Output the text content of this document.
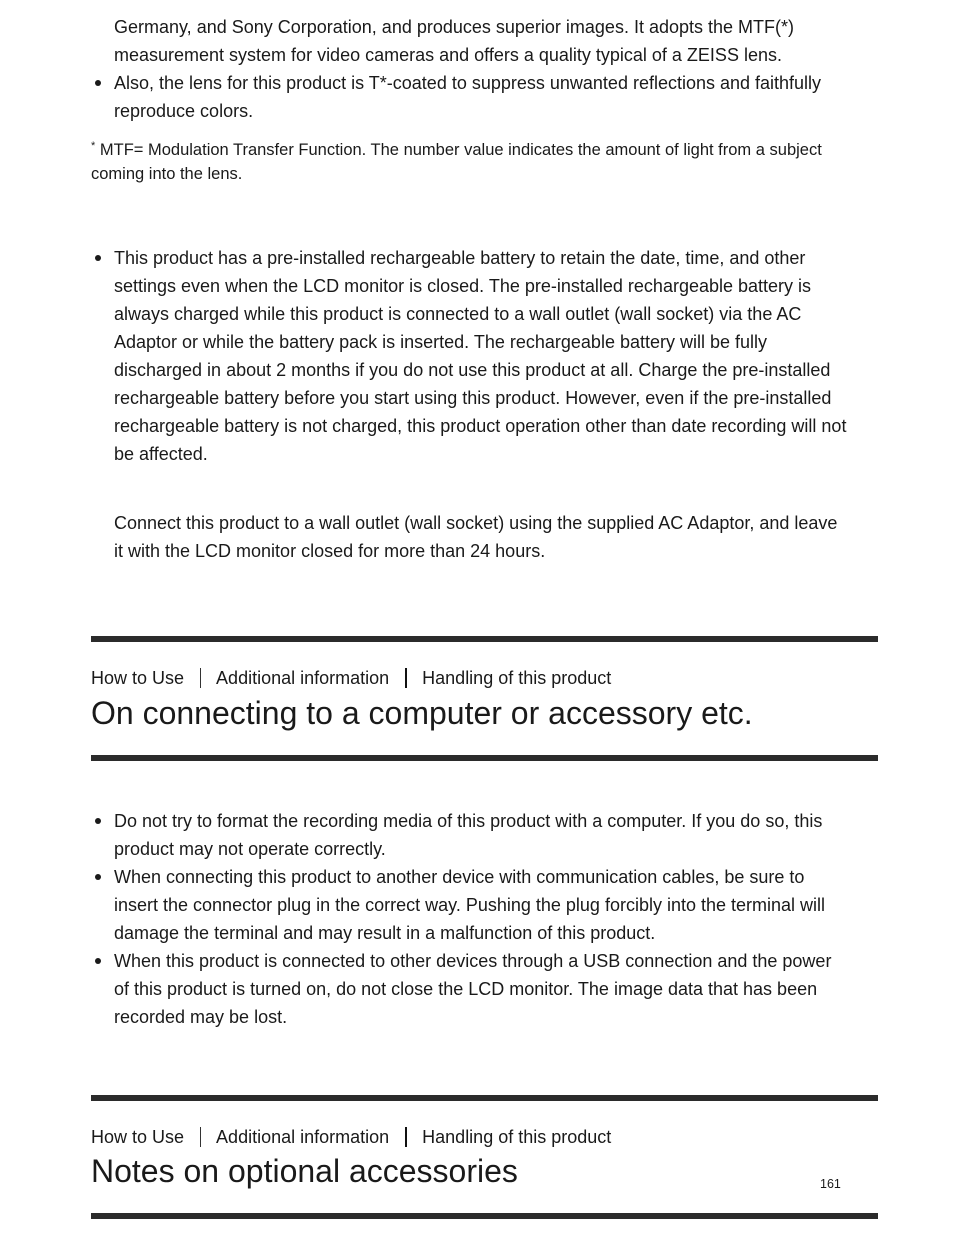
Germany, and Sony Corporation, and produces superior images. It adopts the MTF(*)
measurement system for video cameras and offers a quality typical of a ZEISS lens.
Also, the lens for this product is T*-coated to suppress unwanted reflections and faithfully
reproduce colors.
* MTF= Modulation Transfer Function. The number value indicates the amount of light from a subject
coming into the lens.
This product has a pre-installed rechargeable battery to retain the date, time, and other
settings even when the LCD monitor is closed. The pre-installed rechargeable battery is
always charged while this product is connected to a wall outlet (wall socket) via the AC
Adaptor or while the battery pack is inserted. The rechargeable battery will be fully
discharged in about 2 months if you do not use this product at all. Charge the pre-installed
rechargeable battery before you start using this product. However, even if the pre-installed
rechargeable battery is not charged, this product operation other than date recording will not
be affected.
Connect this product to a wall outlet (wall socket) using the supplied AC Adaptor, and leave
it with the LCD monitor closed for more than 24 hours.
How to Use Additional information Handling of this product
On connecting to a computer or accessory etc.
Do not try to format the recording media of this product with a computer. If you do so, this
product may not operate correctly.
When connecting this product to another device with communication cables, be sure to
insert the connector plug in the correct way. Pushing the plug forcibly into the terminal will
damage the terminal and may result in a malfunction of this product.
When this product is connected to other devices through a USB connection and the power
of this product is turned on, do not close the LCD monitor. The image data that has been
recorded may be lost.
How to Use Additional information Handling of this product
Notes on optional accessories	161
